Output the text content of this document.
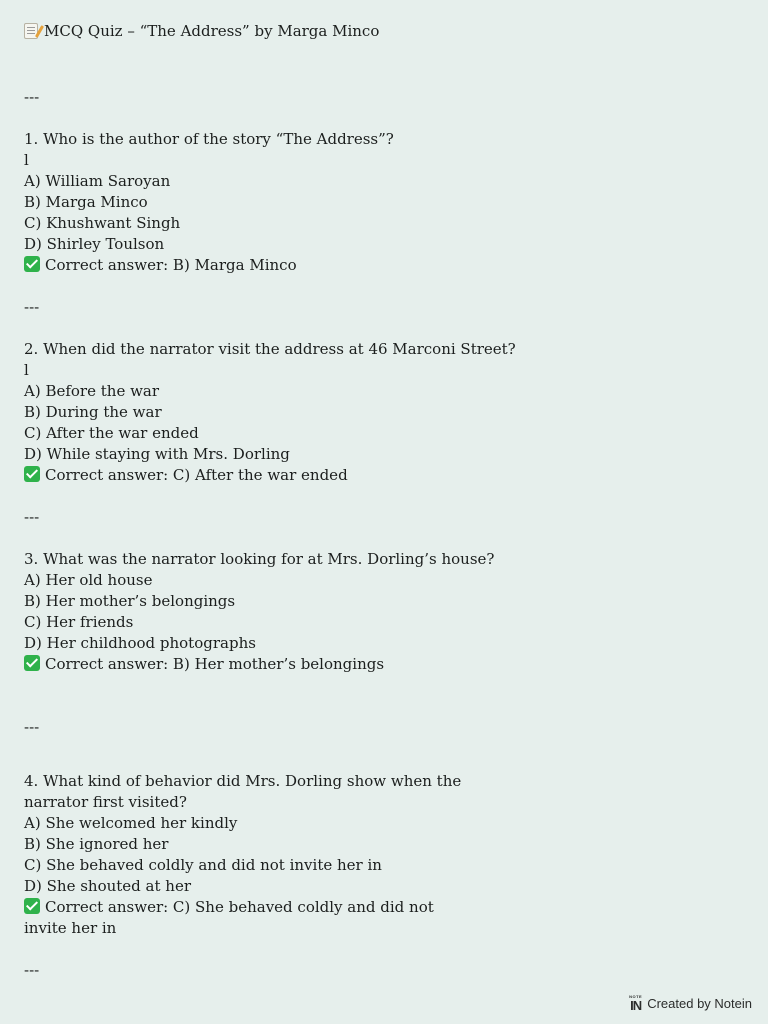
MCQ Quiz – “The Address” by Marga Minco
---
1. Who is the author of the story “The Address”?
l
A) William Saroyan
B) Marga Minco
C) Khushwant Singh
D) Shirley Toulson
Correct answer: B) Marga Minco
---
2. When did the narrator visit the address at 46 Marconi Street?
l
A) Before the war
B) During the war
C) After the war ended
D) While staying with Mrs. Dorling
Correct answer: C) After the war ended
---
3. What was the narrator looking for at Mrs. Dorling’s house?
A) Her old house
B) Her mother’s belongings
C) Her friends
D) Her childhood photographs
Correct answer: B) Her mother’s belongings
---
4. What kind of behavior did Mrs. Dorling show when the
narrator first visited?
A) She welcomed her kindly
B) She ignored her
C) She behaved coldly and did not invite her in
D) She shouted at her
Correct answer: C) She behaved coldly and did not
invite her in
---
NOTE
IN Created by Notein
